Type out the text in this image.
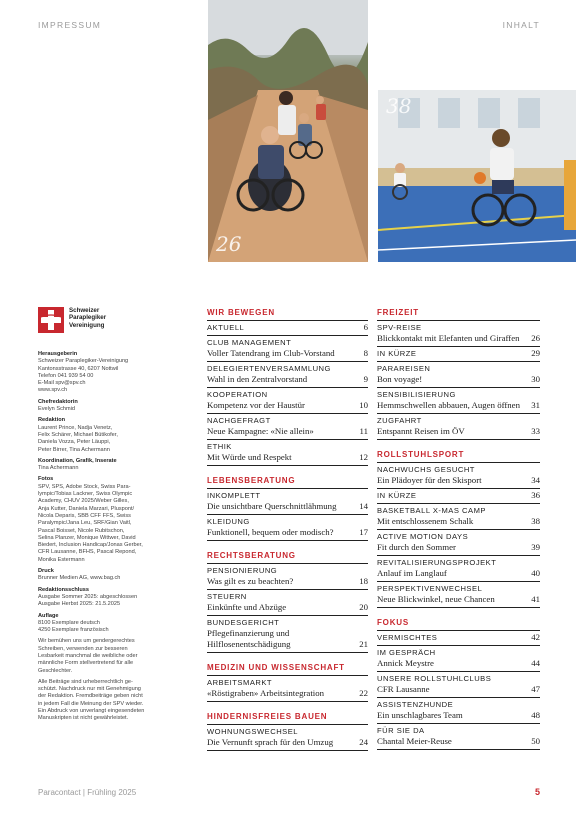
IMPRESSUM	INHALT
26
38
Schweizer
Paraplegiker
Vereinigung
Herausgeberin
Schweizer Paraplegiker-Vereinigung
Kantonsstrasse 40, 6207 Nottwil
Telefon 041 939 54 00
E-Mail spv@spv.ch
www.spv.ch
Chefredaktorin
Evelyn Schmid
Redaktion
Laurent Prince, Nadja Venetz,
Felix Schärer, Michael Bütikofer,
Daniela Vozza, Peter Läuppi,
Peter Birrer, Tina Achermann
Koordination, Grafik, Inserate
Tina Achermann
Fotos
SPV, SPS, Adobe Stock, Swiss Para-
lympic/Tobias Lackner, Swiss Olympic
Academy, CHUV 2025/Weber Gilles,
Anja Kutter, Daniela Marzari, Pluspont/
Nicola Deparis, SBB CFF FFS, Swiss
Paralympic/Jana Leu, SRF/Gian Vaitl,
Pascal Boisset, Nicole Rubitschon,
Selina Planzer, Monique Wittwer, David
Biedert, Inclusion Handicap/Jonas Gerber,
CFR Lausanne, BFHS, Pascal Repond,
Monika Estermann
Druck
Brunner Medien AG, www.bag.ch
Redaktionsschluss
Ausgabe Sommer 2025: abgeschlossen
Ausgabe Herbst 2025: 21.5.2025
Auflage
8100 Exemplare deutsch
4250 Exemplare französisch
Wir bemühen uns um gendergerechtes
Schreiben, verwenden zur besseren
Lesbarkeit manchmal die weibliche oder
männliche Form stellvertretend für alle
Geschlechter.
Alle Beiträge sind urheberrechtlich ge-
schützt. Nachdruck nur mit Genehmigung
der Redaktion. Fremdbeiträge geben nicht
in jedem Fall die Meinung der SPV wieder.
Ein Abdruck von unverlangt eingesendeten
Manuskripten ist nicht gewährleistet.
WIR BEWEGEN
AKTUELL	6
CLUB MANAGEMENT
Voller Tatendrang im Club-Vorstand	8
DELEGIERTENVERSAMMLUNG
Wahl in den Zentralvorstand	9
KOOPERATION
Kompetenz vor der Haustür	10
NACHGEFRAGT
Neue Kampagne: «Nie allein»	11
ETHIK
Mit Würde und Respekt	12
LEBENSBERATUNG
INKOMPLETT
Die unsichtbare Querschnittlähmung	14
KLEIDUNG
Funktionell, bequem oder modisch?	17
RECHTSBERATUNG
PENSIONIERUNG
Was gilt es zu beachten?	18
STEUERN
Einkünfte und Abzüge	20
BUNDESGERICHT
Pflegefinanzierung und Hilflosenentschädigung	21
MEDIZIN UND WISSENSCHAFT
ARBEITSMARKT
«Röstigraben» Arbeitsintegration	22
HINDERNISFREIES BAUEN
WOHNUNGSWECHSEL
Die Vernunft sprach für den Umzug	24
FREIZEIT
SPV-REISE
Blickkontakt mit Elefanten und Giraffen	26
IN KÜRZE	29
PARAREISEN
Bon voyage!	30
SENSIBILISIERUNG
Hemmschwellen abbauen, Augen öffnen	31
ZUGFAHRT
Entspannt Reisen im ÖV	33
ROLLSTUHLSPORT
NACHWUCHS GESUCHT
Ein Plädoyer für den Skisport	34
IN KÜRZE	36
BASKETBALL X-MAS CAMP
Mit entschlossenem Schalk	38
ACTIVE MOTION DAYS
Fit durch den Sommer	39
REVITALISIERUNGSPROJEKT
Anlauf im Langlauf	40
PERSPEKTIVENWECHSEL
Neue Blickwinkel, neue Chancen	41
FOKUS
VERMISCHTES	42
IM GESPRÄCH
Annick Meystre	44
UNSERE ROLLSTUHLCLUBS
CFR Lausanne	47
ASSISTENZHUNDE
Ein unschlagbares Team	48
FÜR SIE DA
Chantal Meier-Reuse	50
Paracontact | Frühling 2025	5
